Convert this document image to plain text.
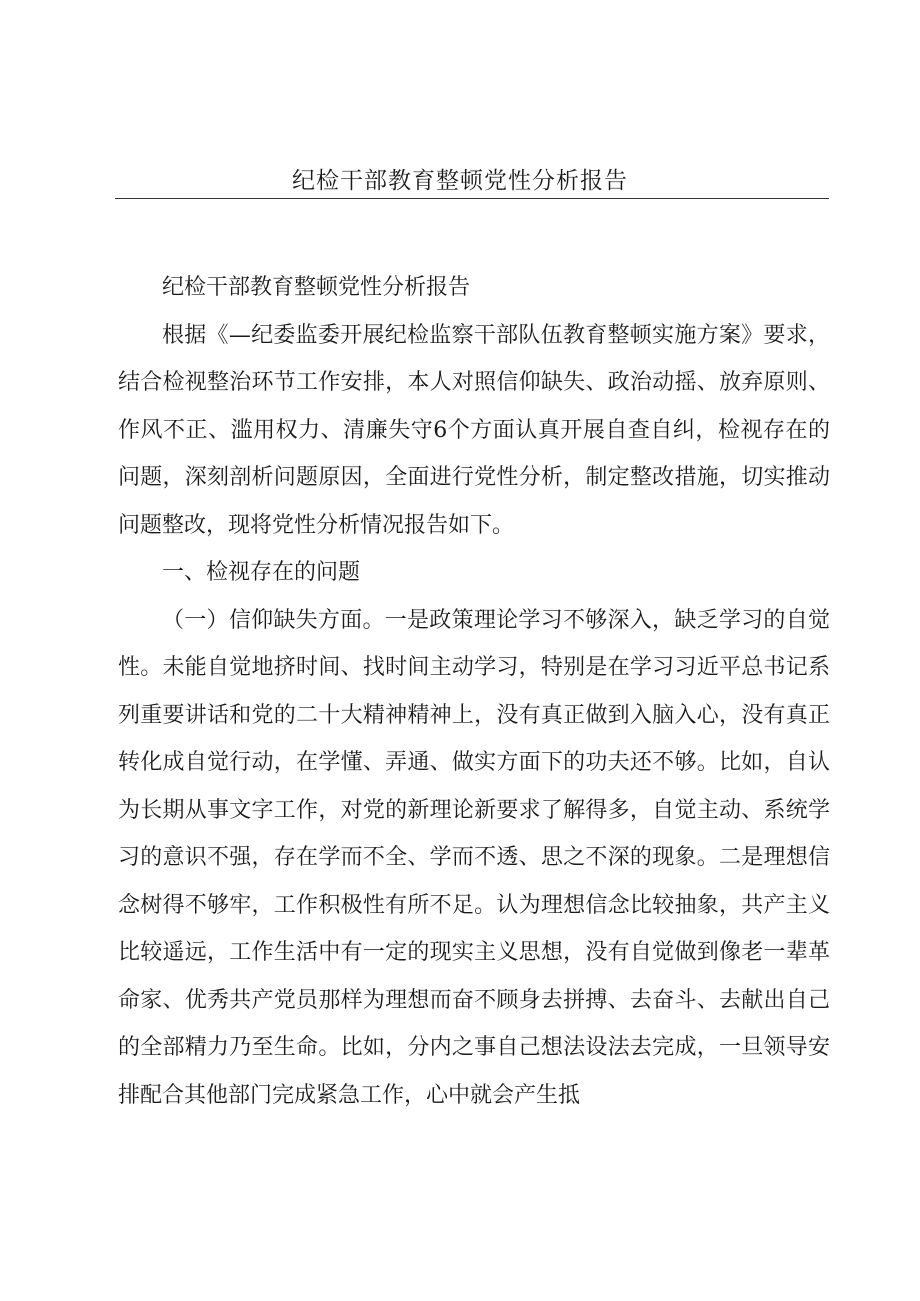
纪检干部教育整顿党性分析报告

纪检干部教育整顿党性分析报告

根据《—纪委监委开展纪检监察干部队伍教育整顿实施方案》要求，结合检视整治环节工作安排，本人对照信仰缺失、政治动摇、放弃原则、作风不正、滥用权力、清廉失守6个方面认真开展自查自纠，检视存在的问题，深刻剖析问题原因，全面进行党性分析，制定整改措施，切实推动问题整改，现将党性分析情况报告如下。

一、检视存在的问题

（一）信仰缺失方面。一是政策理论学习不够深入，缺乏学习的自觉性。未能自觉地挤时间、找时间主动学习，特别是在学习习近平总书记系列重要讲话和党的二十大精神精神上，没有真正做到入脑入心，没有真正转化成自觉行动，在学懂、弄通、做实方面下的功夫还不够。比如，自认为长期从事文字工作，对党的新理论新要求了解得多，自觉主动、系统学习的意识不强，存在学而不全、学而不透、思之不深的现象。二是理想信念树得不够牢，工作积极性有所不足。认为理想信念比较抽象，共产主义比较遥远，工作生活中有一定的现实主义思想，没有自觉做到像老一辈革命家、优秀共产党员那样为理想而奋不顾身去拼搏、去奋斗、去献出自己的全部精力乃至生命。比如，分内之事自己想法设法去完成，一旦领导安排配合其他部门完成紧急工作，心中就会产生抵
